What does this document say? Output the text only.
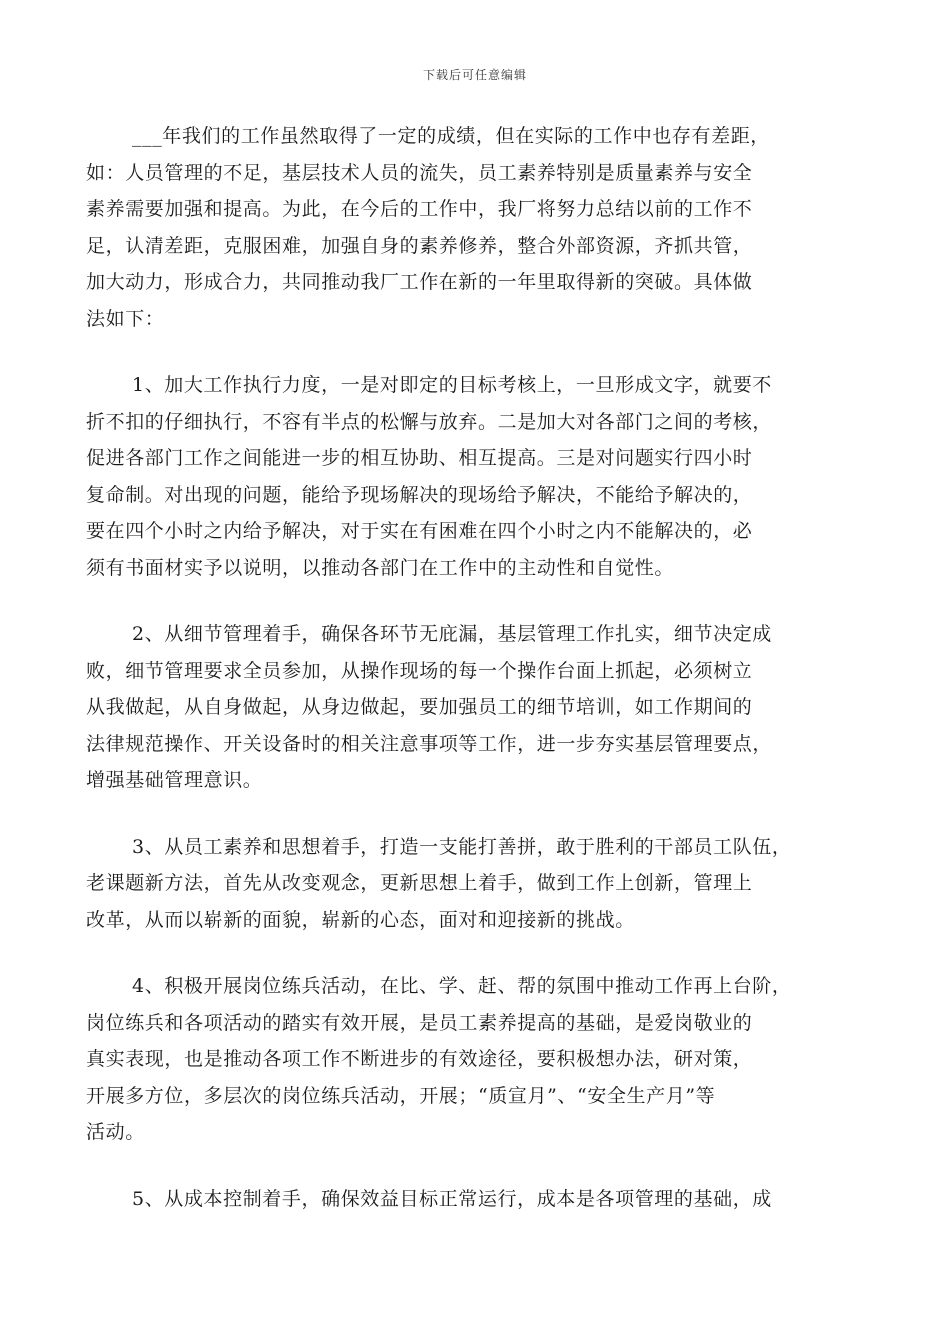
下载后可任意编辑
___年我们的工作虽然取得了一定的成绩，但在实际的工作中也存有差距，
如：人员管理的不足，基层技术人员的流失，员工素养特别是质量素养与安全
素养需要加强和提高。为此，在今后的工作中，我厂将努力总结以前的工作不
足，认清差距，克服困难，加强自身的素养修养，整合外部资源，齐抓共管，
加大动力，形成合力，共同推动我厂工作在新的一年里取得新的突破。具体做
法如下：
1、加大工作执行力度，一是对即定的目标考核上，一旦形成文字，就要不
折不扣的仔细执行，不容有半点的松懈与放弃。二是加大对各部门之间的考核，
促进各部门工作之间能进一步的相互协助、相互提高。三是对问题实行四小时
复命制。对出现的问题，能给予现场解决的现场给予解决，不能给予解决的，
要在四个小时之内给予解决，对于实在有困难在四个小时之内不能解决的，必
须有书面材实予以说明，以推动各部门在工作中的主动性和自觉性。
2、从细节管理着手，确保各环节无庇漏，基层管理工作扎实，细节决定成
败，细节管理要求全员参加，从操作现场的每一个操作台面上抓起，必须树立
从我做起，从自身做起，从身边做起，要加强员工的细节培训，如工作期间的
法律规范操作、开关设备时的相关注意事项等工作，进一步夯实基层管理要点，
增强基础管理意识。
3、从员工素养和思想着手，打造一支能打善拼，敢于胜利的干部员工队伍，
老课题新方法，首先从改变观念，更新思想上着手，做到工作上创新，管理上
改革，从而以崭新的面貌，崭新的心态，面对和迎接新的挑战。
4、积极开展岗位练兵活动，在比、学、赶、帮的氛围中推动工作再上台阶，
岗位练兵和各项活动的踏实有效开展，是员工素养提高的基础，是爱岗敬业的
真实表现，也是推动各项工作不断进步的有效途径，要积极想办法，研对策，
开展多方位，多层次的岗位练兵活动，开展；“质宣月”、“安全生产月”等
活动。
5、从成本控制着手，确保效益目标正常运行，成本是各项管理的基础，成
